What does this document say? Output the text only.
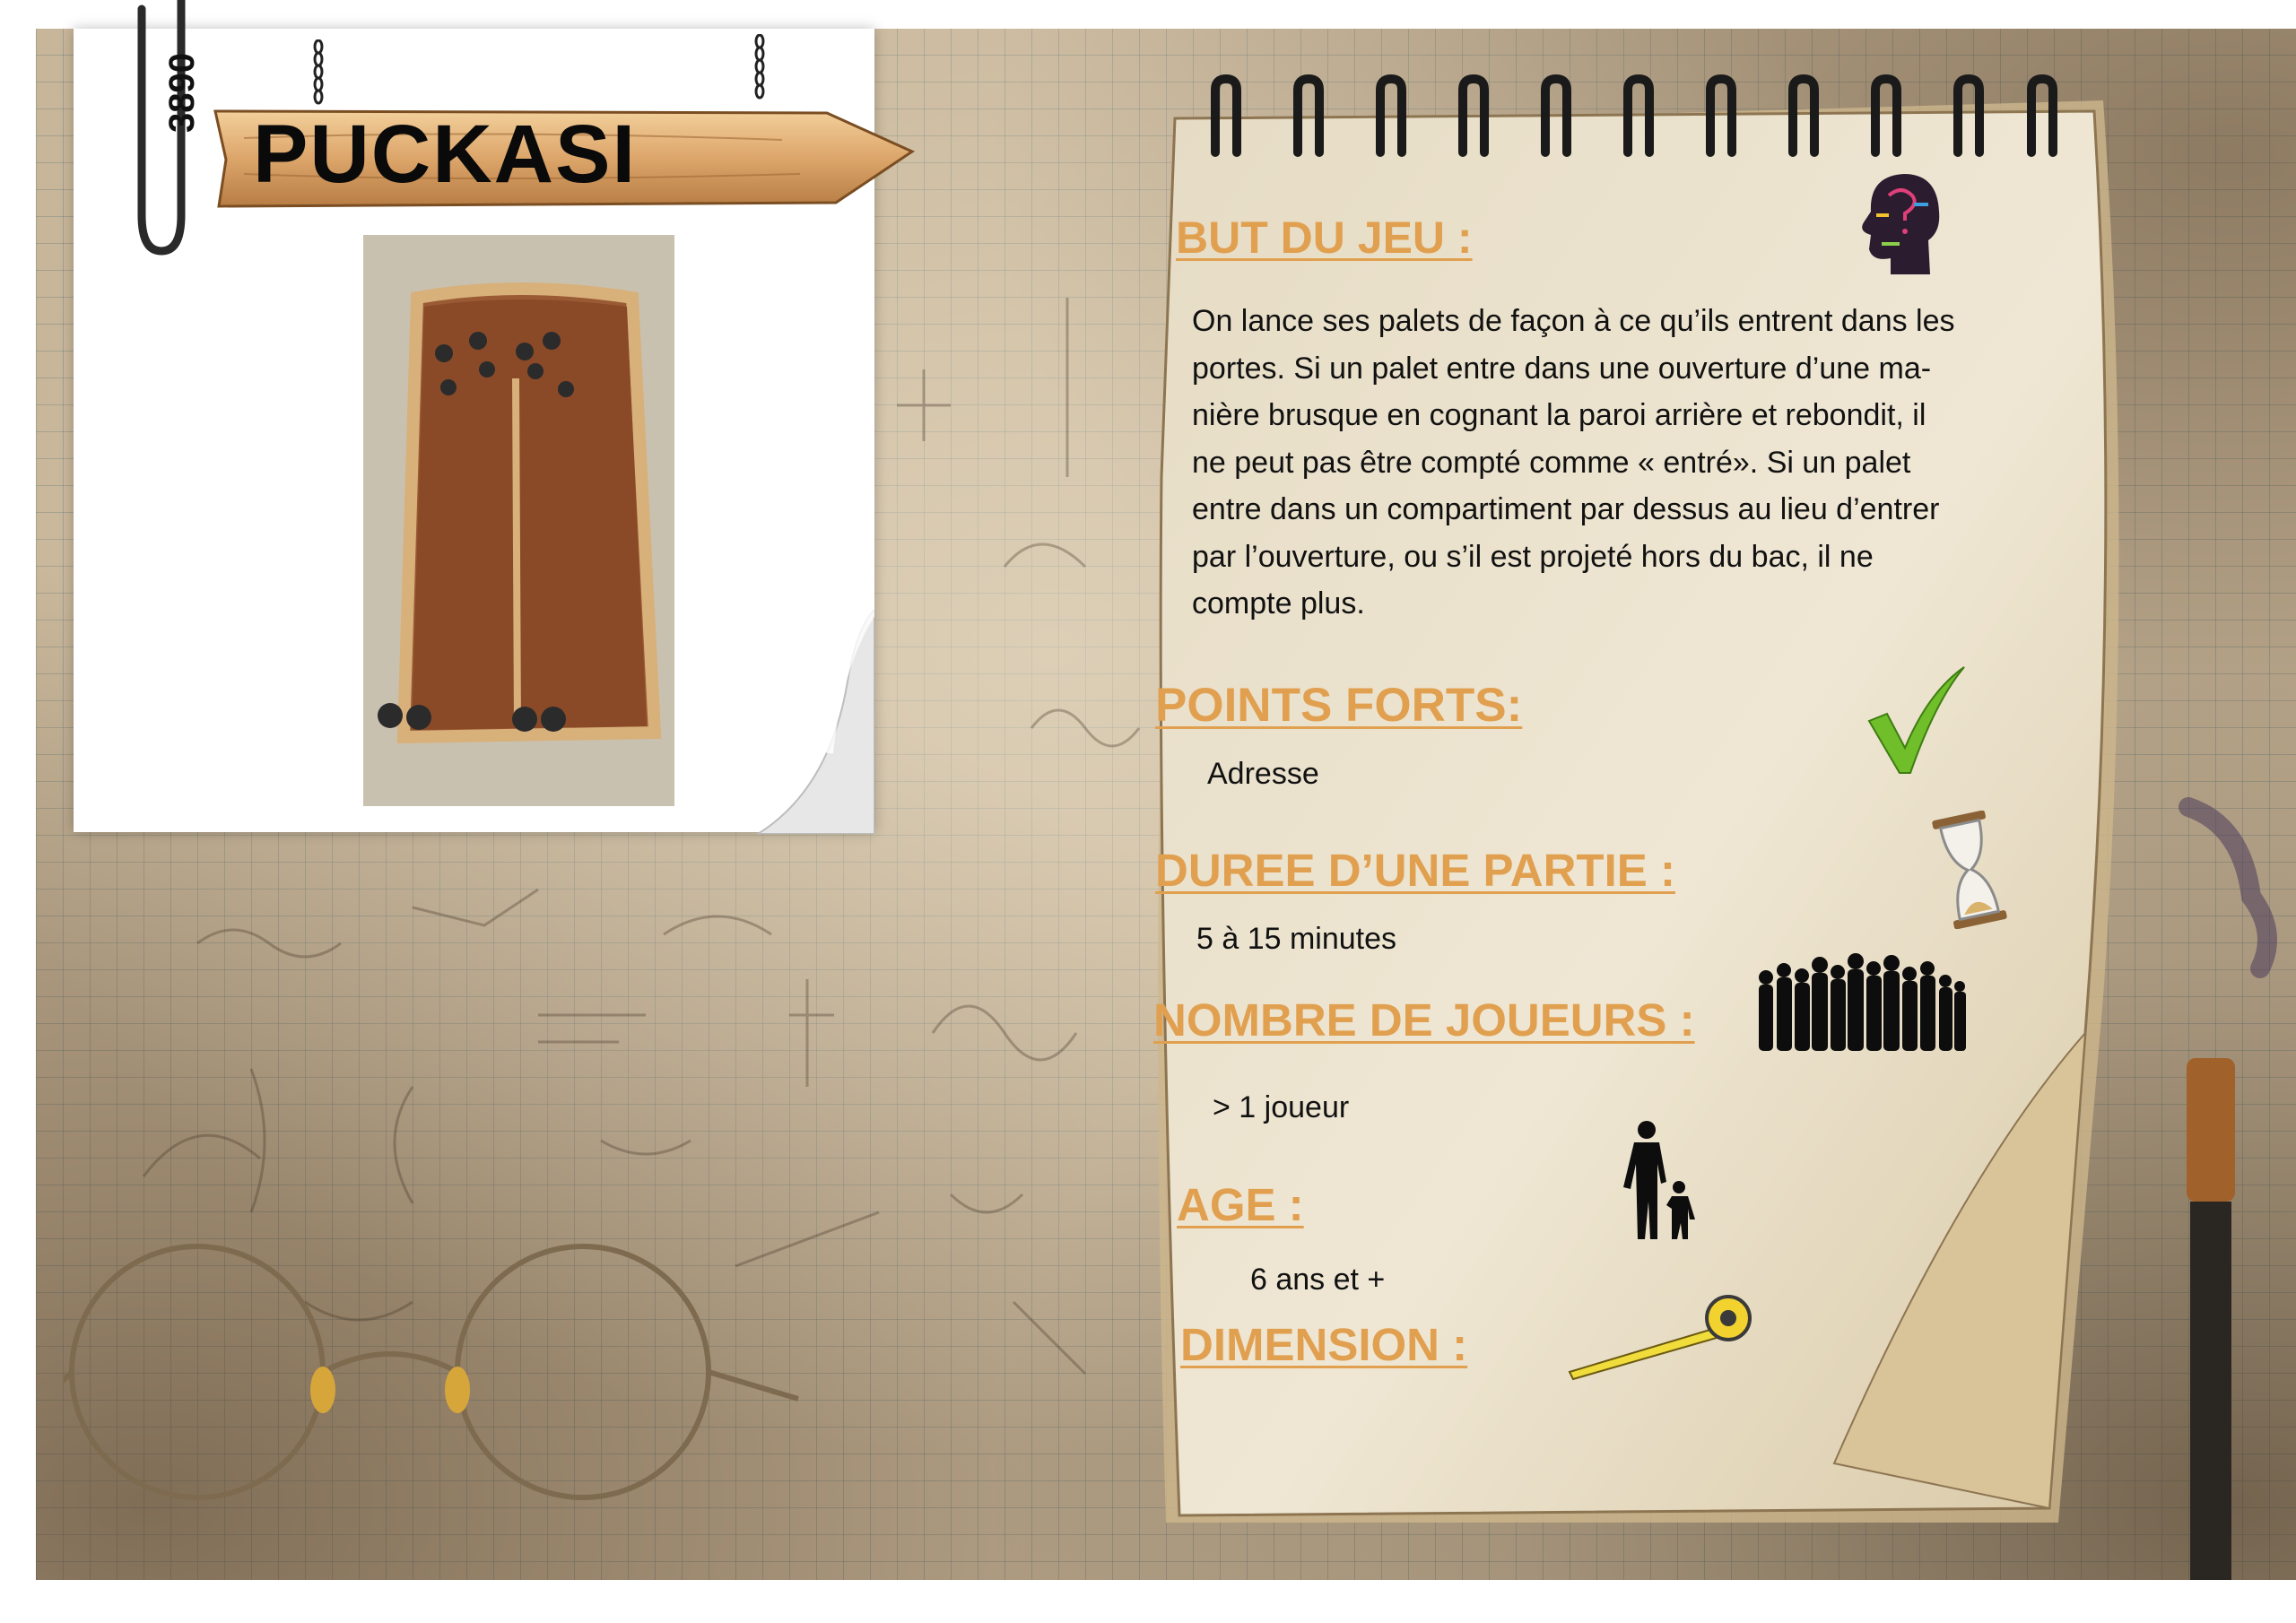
PUCKASI
3890
BUT DU JEU :
On lance ses palets de façon à ce qu’ils entrent dans les
portes. Si un palet entre dans une ouverture d’une ma-
nière brusque en cognant la paroi arrière et rebondit, il
ne peut pas être compté comme « entré». Si un palet
entre dans un compartiment par dessus au lieu d’entrer
par l’ouverture, ou s’il est projeté hors du bac, il ne
compte plus.
POINTS FORTS:
Adresse
DUREE D’UNE PARTIE :
5 à 15 minutes
NOMBRE DE JOUEURS :
> 1 joueur
AGE :
6 ans et +
DIMENSION :
